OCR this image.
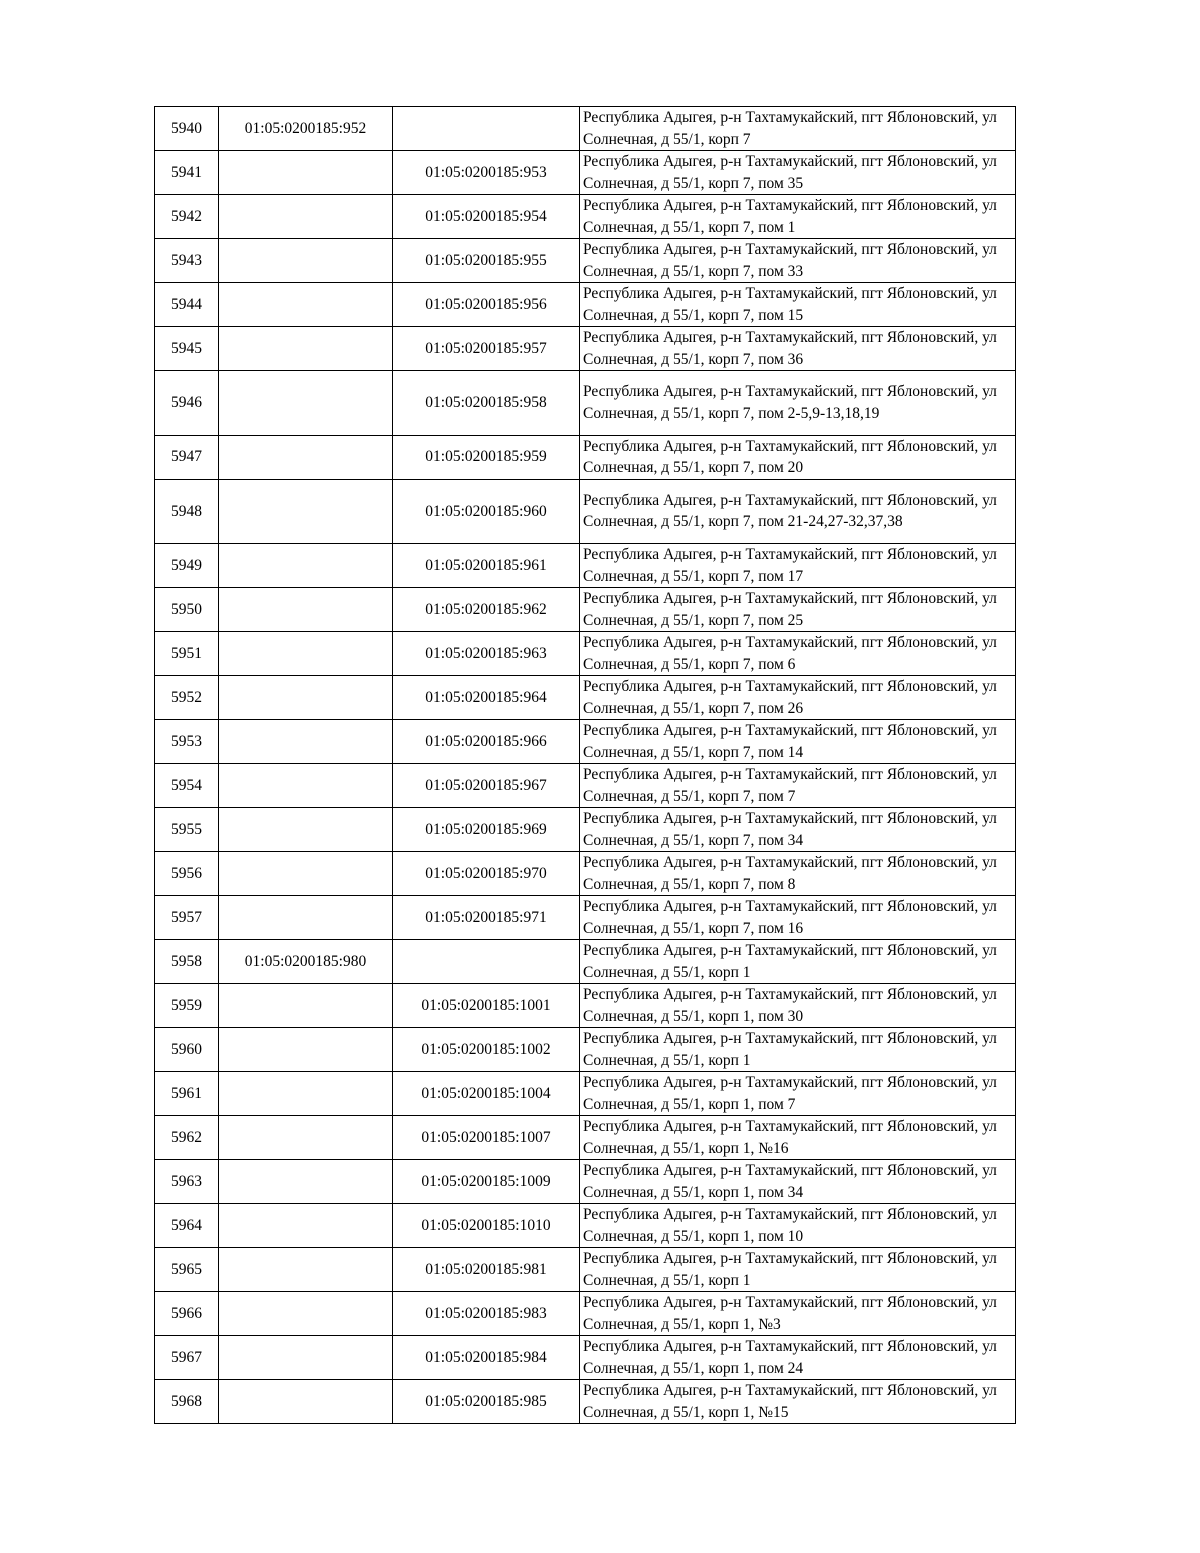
5940	01:05:0200185:952		Республика Адыгея, р-н Тахтамукайский, пгт Яблоновский, ул Солнечная, д 55/1, корп 7
5941		01:05:0200185:953	Республика Адыгея, р-н Тахтамукайский, пгт Яблоновский, ул Солнечная, д 55/1, корп 7, пом 35
5942		01:05:0200185:954	Республика Адыгея, р-н Тахтамукайский, пгт Яблоновский, ул Солнечная, д 55/1, корп 7, пом 1
5943		01:05:0200185:955	Республика Адыгея, р-н Тахтамукайский, пгт Яблоновский, ул Солнечная, д 55/1, корп 7, пом 33
5944		01:05:0200185:956	Республика Адыгея, р-н Тахтамукайский, пгт Яблоновский, ул Солнечная, д 55/1, корп 7, пом 15
5945		01:05:0200185:957	Республика Адыгея, р-н Тахтамукайский, пгт Яблоновский, ул Солнечная, д 55/1, корп 7, пом 36
5946		01:05:0200185:958	Республика Адыгея, р-н Тахтамукайский, пгт Яблоновский, ул Солнечная, д 55/1, корп 7, пом 2-5,9-13,18,19
5947		01:05:0200185:959	Республика Адыгея, р-н Тахтамукайский, пгт Яблоновский, ул Солнечная, д 55/1, корп 7, пом 20
5948		01:05:0200185:960	Республика Адыгея, р-н Тахтамукайский, пгт Яблоновский, ул Солнечная, д 55/1, корп 7, пом 21-24,27-32,37,38
5949		01:05:0200185:961	Республика Адыгея, р-н Тахтамукайский, пгт Яблоновский, ул Солнечная, д 55/1, корп 7, пом 17
5950		01:05:0200185:962	Республика Адыгея, р-н Тахтамукайский, пгт Яблоновский, ул Солнечная, д 55/1, корп 7, пом 25
5951		01:05:0200185:963	Республика Адыгея, р-н Тахтамукайский, пгт Яблоновский, ул Солнечная, д 55/1, корп 7, пом 6
5952		01:05:0200185:964	Республика Адыгея, р-н Тахтамукайский, пгт Яблоновский, ул Солнечная, д 55/1, корп 7, пом 26
5953		01:05:0200185:966	Республика Адыгея, р-н Тахтамукайский, пгт Яблоновский, ул Солнечная, д 55/1, корп 7, пом 14
5954		01:05:0200185:967	Республика Адыгея, р-н Тахтамукайский, пгт Яблоновский, ул Солнечная, д 55/1, корп 7, пом 7
5955		01:05:0200185:969	Республика Адыгея, р-н Тахтамукайский, пгт Яблоновский, ул Солнечная, д 55/1, корп 7, пом 34
5956		01:05:0200185:970	Республика Адыгея, р-н Тахтамукайский, пгт Яблоновский, ул Солнечная, д 55/1, корп 7, пом 8
5957		01:05:0200185:971	Республика Адыгея, р-н Тахтамукайский, пгт Яблоновский, ул Солнечная, д 55/1, корп 7, пом 16
5958	01:05:0200185:980		Республика Адыгея, р-н Тахтамукайский, пгт Яблоновский, ул Солнечная, д 55/1, корп 1
5959		01:05:0200185:1001	Республика Адыгея, р-н Тахтамукайский, пгт Яблоновский, ул Солнечная, д 55/1, корп 1, пом 30
5960		01:05:0200185:1002	Республика Адыгея, р-н Тахтамукайский, пгт Яблоновский, ул Солнечная, д 55/1, корп 1
5961		01:05:0200185:1004	Республика Адыгея, р-н Тахтамукайский, пгт Яблоновский, ул Солнечная, д 55/1, корп 1, пом 7
5962		01:05:0200185:1007	Республика Адыгея, р-н Тахтамукайский, пгт Яблоновский, ул Солнечная, д 55/1, корп 1, №16
5963		01:05:0200185:1009	Республика Адыгея, р-н Тахтамукайский, пгт Яблоновский, ул Солнечная, д 55/1, корп 1, пом 34
5964		01:05:0200185:1010	Республика Адыгея, р-н Тахтамукайский, пгт Яблоновский, ул Солнечная, д 55/1, корп 1, пом 10
5965		01:05:0200185:981	Республика Адыгея, р-н Тахтамукайский, пгт Яблоновский, ул Солнечная, д 55/1, корп 1
5966		01:05:0200185:983	Республика Адыгея, р-н Тахтамукайский, пгт Яблоновский, ул Солнечная, д 55/1, корп 1, №3
5967		01:05:0200185:984	Республика Адыгея, р-н Тахтамукайский, пгт Яблоновский, ул Солнечная, д 55/1, корп 1, пом 24
5968		01:05:0200185:985	Республика Адыгея, р-н Тахтамукайский, пгт Яблоновский, ул Солнечная, д 55/1, корп 1, №15
